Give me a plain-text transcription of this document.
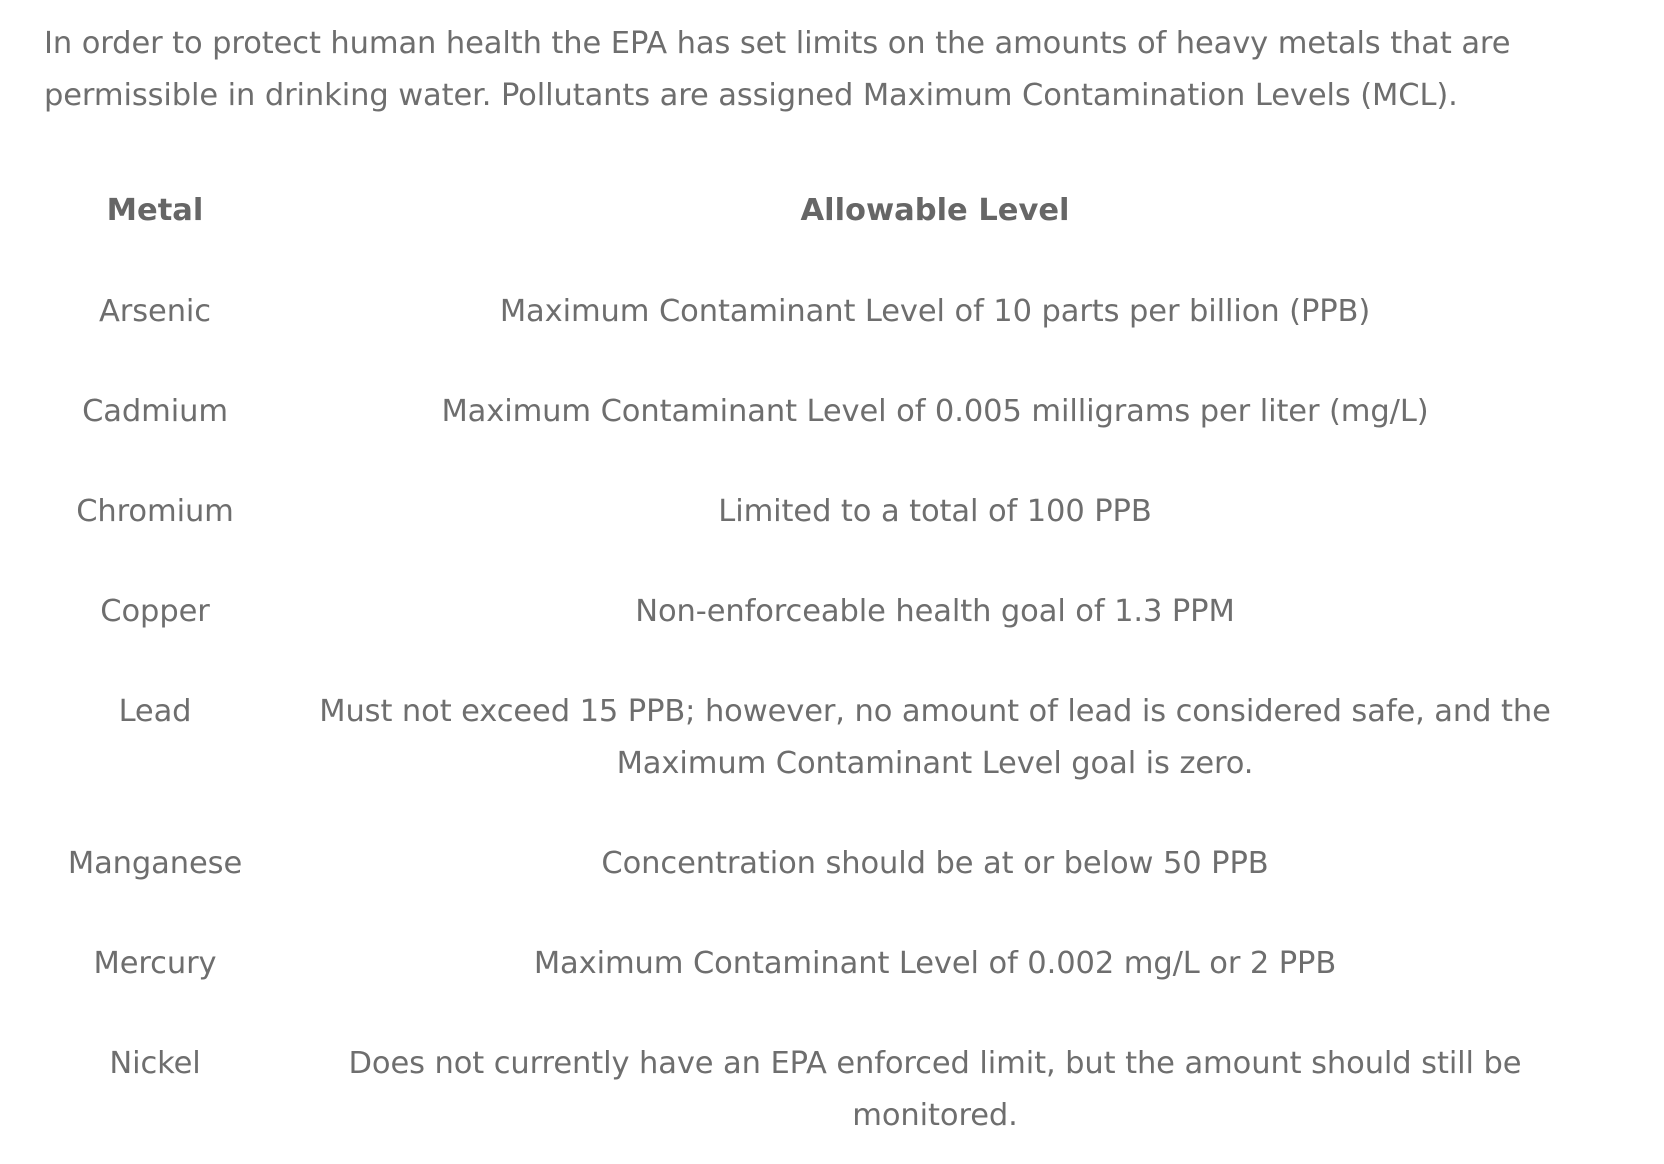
In order to protect human health the EPA has set limits on the amounts of heavy metals that are permissible in drinking water. Pollutants are assigned Maximum Contamination Levels (MCL).

Metal	Allowable Level
Arsenic	Maximum Contaminant Level of 10 parts per billion (PPB)
Cadmium	Maximum Contaminant Level of 0.005 milligrams per liter (mg/L)
Chromium	Limited to a total of 100 PPB
Copper	Non-enforceable health goal of 1.3 PPM
Lead	Must not exceed 15 PPB; however, no amount of lead is considered safe, and the Maximum Contaminant Level goal is zero.
Manganese	Concentration should be at or below 50 PPB
Mercury	Maximum Contaminant Level of 0.002 mg/L or 2 PPB
Nickel	Does not currently have an EPA enforced limit, but the amount should still be monitored.
